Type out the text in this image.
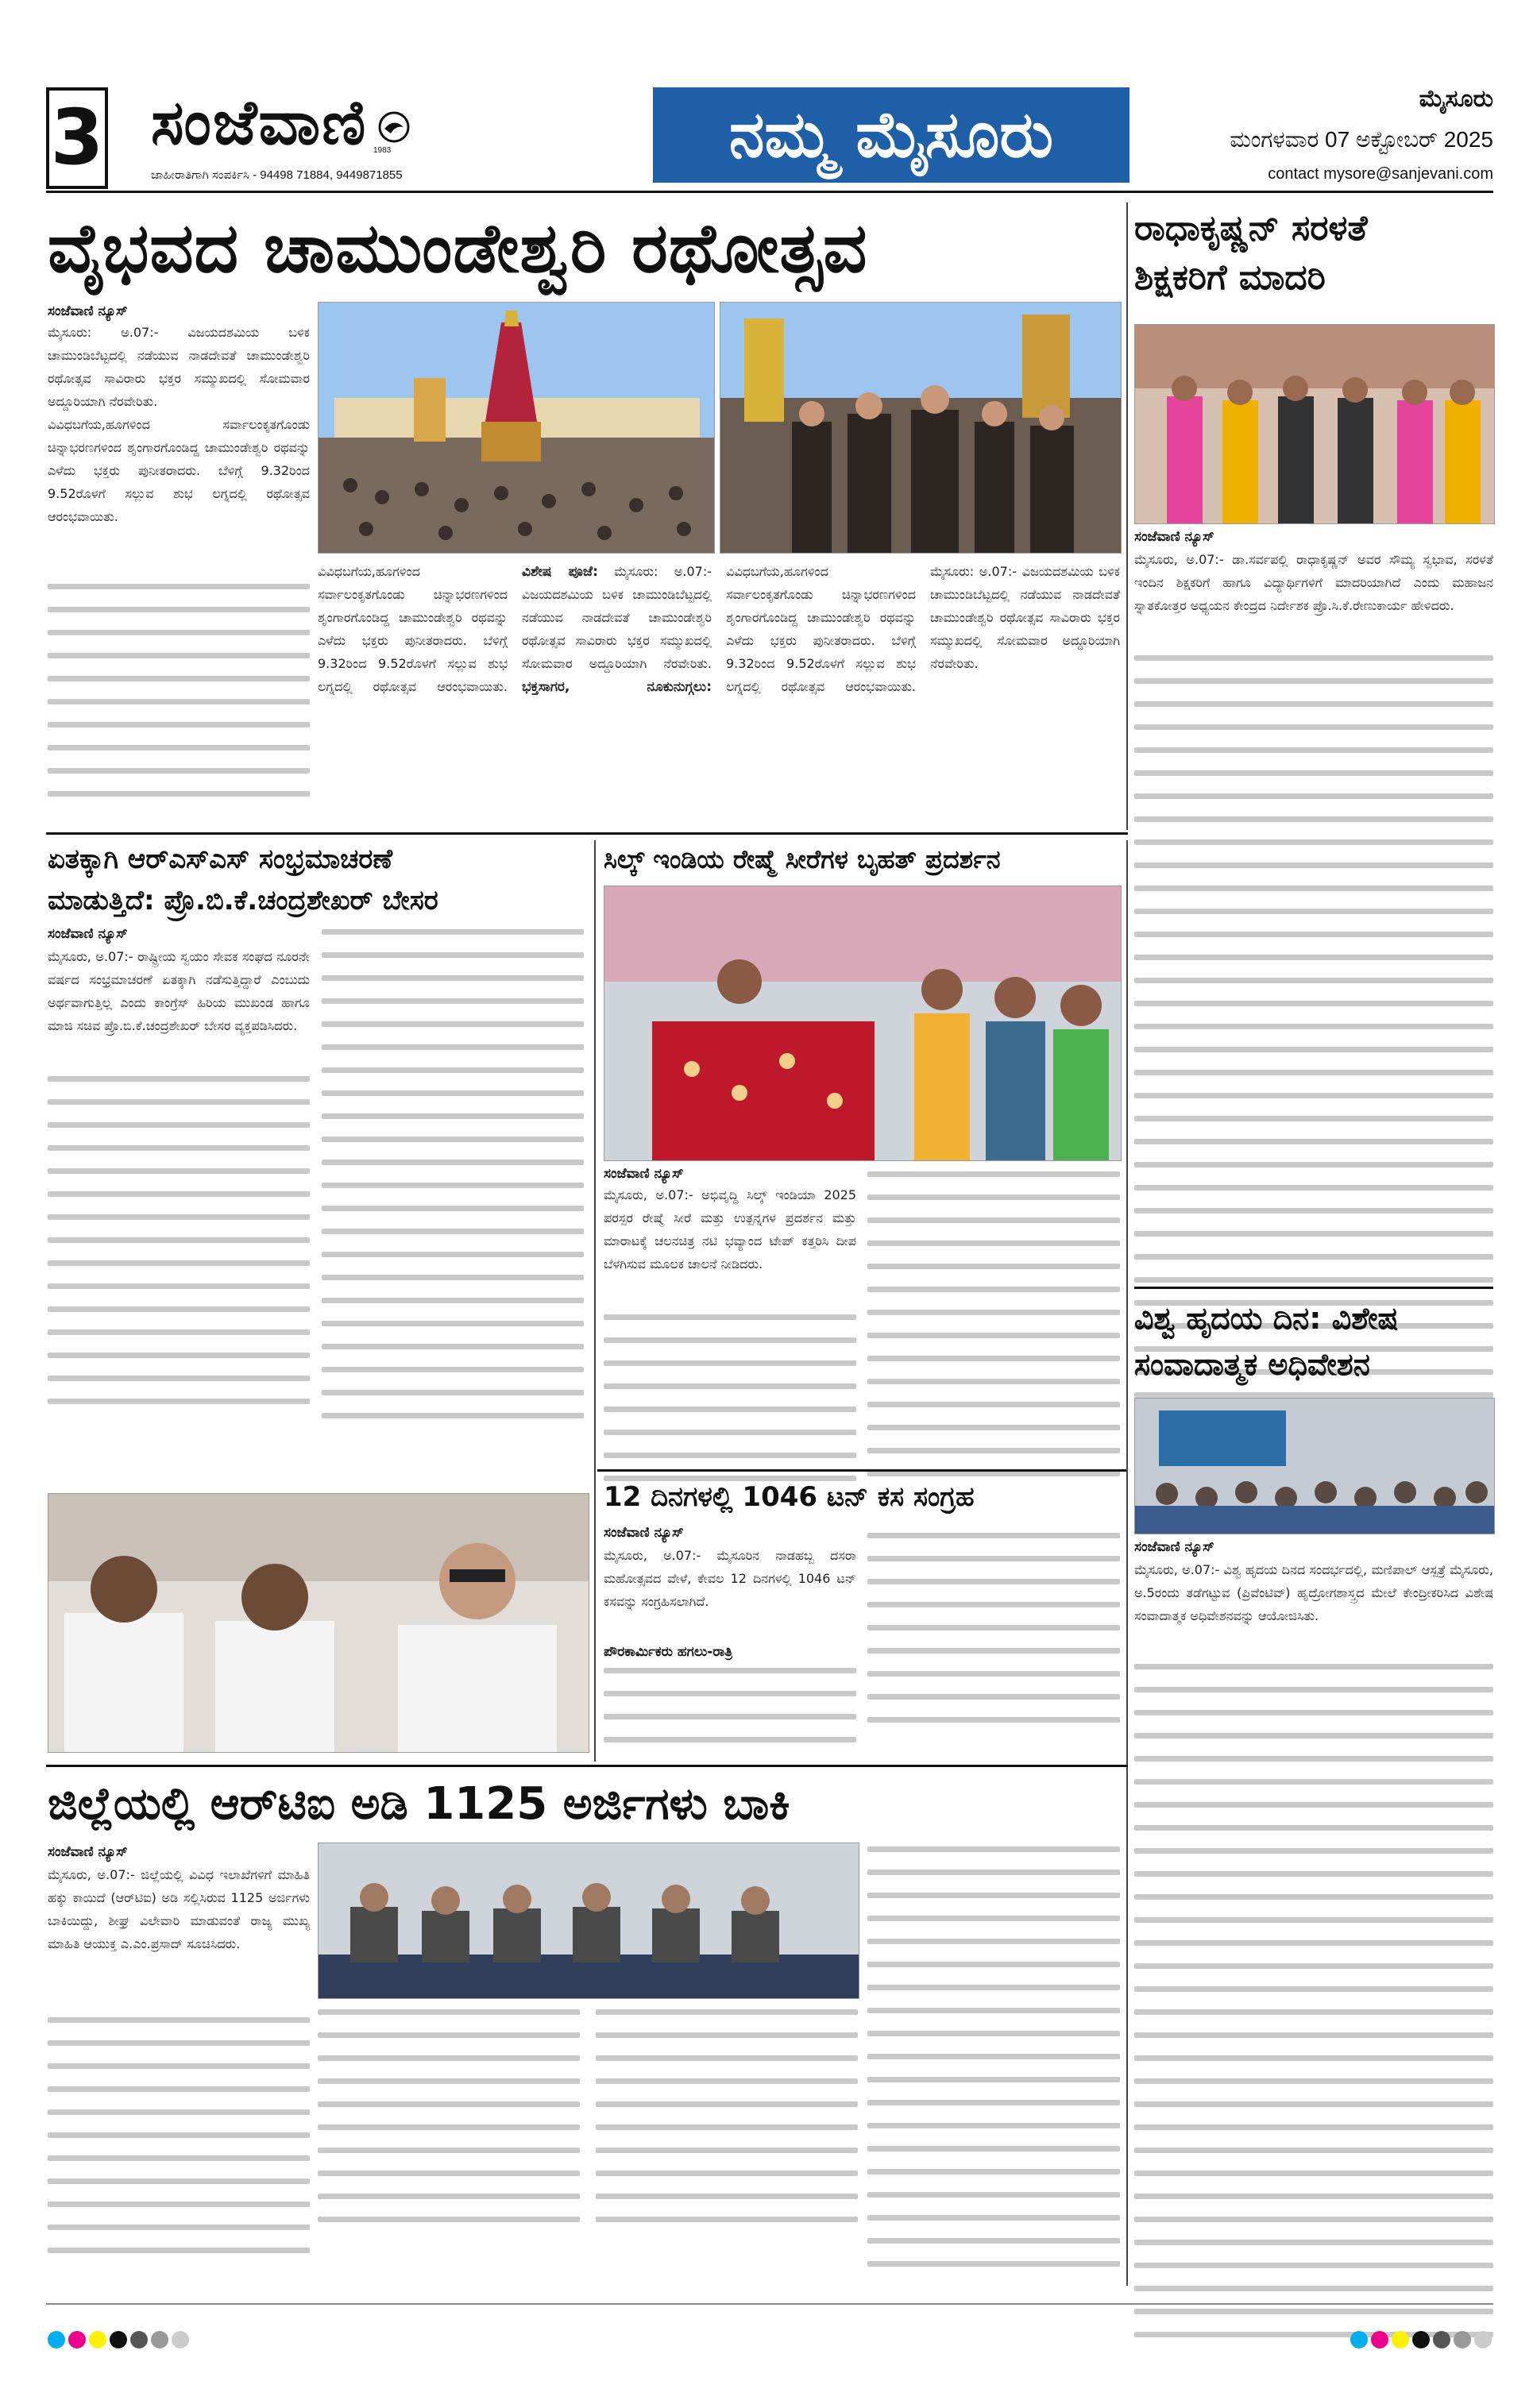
3 ಸಂಜೆವಾಣಿ 1983
ಜಾಹೀರಾತಿಗಾಗಿ ಸಂಪರ್ಕಿಸಿ - 94498 71884, 9449871855
ನಮ್ಮ ಮೈಸೂರು	ಮೈಸೂರು
ಮಂಗಳವಾರ 07 ಅಕ್ಟೋಬರ್ 2025
contact mysore@sanjevani.com
ವೈಭವದ ಚಾಮುಂಡೇಶ್ವರಿ ರಥೋತ್ಸವ
ಸಂಜೆವಾಣಿ ನ್ಯೂಸ್
ಮೈಸೂರು: ಅ.07:- ವಿಜಯದಶಮಿಯ ಬಳಿಕ ಚಾಮುಂಡಿಬೆಟ್ಟದಲ್ಲಿ ನಡೆಯುವ ನಾಡದೇವತೆ ಚಾಮುಂಡೇಶ್ವರಿ ರಥೋತ್ಸವ ಸಾವಿರಾರು ಭಕ್ತರ ಸಮ್ಮುಖದಲ್ಲಿ ಸೋಮವಾರ ಅದ್ದೂರಿಯಾಗಿ ನೆರವೇರಿತು.
ವಿವಿಧಬಗೆಯ,ಹೂಗಳಿಂದ ಸರ್ವಾಲಂಕೃತಗೊಂಡು ಚಿನ್ನಾಭರಣಗಳಿಂದ ಶೃಂಗಾರಗೊಂಡಿದ್ದ ಚಾಮುಂಡೇಶ್ವರಿ ರಥವನ್ನು ಎಳೆದು ಭಕ್ತರು ಪುನೀತರಾದರು. ಬೆಳಿಗ್ಗೆ 9.32ರಿಂದ 9.52ರೊಳಗೆ ಸಲ್ಲುವ ಶುಭ ಲಗ್ನದಲ್ಲಿ ರಥೋತ್ಸವ ಆರಂಭವಾಯಿತು.
ವಿವಿಧಬಗೆಯ,ಹೂಗಳಿಂದ ಸರ್ವಾಲಂಕೃತಗೊಂಡು ಚಿನ್ನಾಭರಣಗಳಿಂದ ಶೃಂಗಾರಗೊಂಡಿದ್ದ ಚಾಮುಂಡೇಶ್ವರಿ ರಥವನ್ನು ಎಳೆದು ಭಕ್ತರು ಪುನೀತರಾದರು. ಬೆಳಿಗ್ಗೆ 9.32ರಿಂದ 9.52ರೊಳಗೆ ಸಲ್ಲುವ ಶುಭ ಲಗ್ನದಲ್ಲಿ ರಥೋತ್ಸವ ಆರಂಭವಾಯಿತು. ವಿಶೇಷ ಪೂಜೆ: ಮೈಸೂರು: ಅ.07:- ವಿಜಯದಶಮಿಯ ಬಳಿಕ ಚಾಮುಂಡಿಬೆಟ್ಟದಲ್ಲಿ ನಡೆಯುವ ನಾಡದೇವತೆ ಚಾಮುಂಡೇಶ್ವರಿ ರಥೋತ್ಸವ ಸಾವಿರಾರು ಭಕ್ತರ ಸಮ್ಮುಖದಲ್ಲಿ ಸೋಮವಾರ ಅದ್ದೂರಿಯಾಗಿ ನೆರವೇರಿತು. ಭಕ್ತಸಾಗರ, ನೂಕುನುಗ್ಗಲು: ವಿವಿಧಬಗೆಯ,ಹೂಗಳಿಂದ ಸರ್ವಾಲಂಕೃತಗೊಂಡು ಚಿನ್ನಾಭರಣಗಳಿಂದ ಶೃಂಗಾರಗೊಂಡಿದ್ದ ಚಾಮುಂಡೇಶ್ವರಿ ರಥವನ್ನು ಎಳೆದು ಭಕ್ತರು ಪುನೀತರಾದರು. ಬೆಳಿಗ್ಗೆ 9.32ರಿಂದ 9.52ರೊಳಗೆ ಸಲ್ಲುವ ಶುಭ ಲಗ್ನದಲ್ಲಿ ರಥೋತ್ಸವ ಆರಂಭವಾಯಿತು. ಮೈಸೂರು: ಅ.07:- ವಿಜಯದಶಮಿಯ ಬಳಿಕ ಚಾಮುಂಡಿಬೆಟ್ಟದಲ್ಲಿ ನಡೆಯುವ ನಾಡದೇವತೆ ಚಾಮುಂಡೇಶ್ವರಿ ರಥೋತ್ಸವ ಸಾವಿರಾರು ಭಕ್ತರ ಸಮ್ಮುಖದಲ್ಲಿ ಸೋಮವಾರ ಅದ್ದೂರಿಯಾಗಿ ನೆರವೇರಿತು.
ರಾಧಾಕೃಷ್ಣನ್ ಸರಳತೆ
ಶಿಕ್ಷಕರಿಗೆ ಮಾದರಿ
ಸಂಜೆವಾಣಿ ನ್ಯೂಸ್
ಮೈಸೂರು, ಅ.07:- ಡಾ.ಸರ್ವಪಲ್ಲಿ ರಾಧಾಕೃಷ್ಣನ್ ಅವರ ಸೌಮ್ಯ ಸ್ವಭಾವ, ಸರಳತೆ ಇಂದಿನ ಶಿಕ್ಷಕರಿಗೆ ಹಾಗೂ ವಿದ್ಯಾರ್ಥಿಗಳಿಗೆ ಮಾದರಿಯಾಗಿದೆ ಎಂದು ಮಹಾಜನ ಸ್ನಾತಕೋತ್ತರ ಅಧ್ಯಯನ ಕೇಂದ್ರದ ನಿರ್ದೇಶಕ ಪ್ರೊ.ಸಿ.ಕೆ.ರೇಣುಕಾರ್ಯ ಹೇಳಿದರು.
ಏತಕ್ಕಾಗಿ ಆರ್‌ಎಸ್‌ಎಸ್ ಸಂಭ್ರಮಾಚರಣೆ
ಮಾಡುತ್ತಿದೆ: ಪ್ರೊ.ಬಿ.ಕೆ.ಚಂದ್ರಶೇಖರ್ ಬೇಸರ
ಸಂಜೆವಾಣಿ ನ್ಯೂಸ್
ಮೈಸೂರು, ಅ.07:- ರಾಷ್ಟ್ರೀಯ ಸ್ವಯಂ ಸೇವಕ ಸಂಘದ ನೂರನೇ ವರ್ಷದ ಸಂಭ್ರಮಾಚರಣೆ ಏತಕ್ಕಾಗಿ ನಡೆಸುತ್ತಿದ್ದಾರೆ ಎಂಬುದು ಅರ್ಥವಾಗುತ್ತಿಲ್ಲ ಎಂದು ಕಾಂಗ್ರೆಸ್ ಹಿರಿಯ ಮುಖಂಡ ಹಾಗೂ ಮಾಜಿ ಸಚಿವ ಪ್ರೊ.ಬಿ.ಕೆ.ಚಂದ್ರಶೇಖರ್ ಬೇಸರ ವ್ಯಕ್ತಪಡಿಸಿದರು.
ಸಿಲ್ಕ್ ಇಂಡಿಯ ರೇಷ್ಮೆ ಸೀರೆಗಳ ಬೃಹತ್ ಪ್ರದರ್ಶನ
ಸಂಜೆವಾಣಿ ನ್ಯೂಸ್
ಮೈಸೂರು, ಅ.07:- ಅಭಿವೃದ್ಧಿ ಸಿಲ್ಕ್ ಇಂಡಿಯಾ 2025 ಪರಸ್ಪರ ರೇಷ್ಮೆ ಸೀರೆ ಮತ್ತು ಉತ್ಪನ್ನಗಳ ಪ್ರದರ್ಶನ ಮತ್ತು ಮಾರಾಟಕ್ಕೆ ಚಲನಚಿತ್ರ ನಟಿ ಭವ್ಯಾಂದ ಟೇಪ್ ಕತ್ತರಿಸಿ ದೀಪ ಬೆಳಗಿಸುವ ಮೂಲಕ ಚಾಲನೆ ನೀಡಿದರು.
12 ದಿನಗಳಲ್ಲಿ 1046 ಟನ್ ಕಸ ಸಂಗ್ರಹ
ಸಂಜೆವಾಣಿ ನ್ಯೂಸ್
ಮೈಸೂರು, ಅ.07:- ಮೈಸೂರಿನ ನಾಡಹಬ್ಬ ದಸರಾ ಮಹೋತ್ಸವದ ವೇಳೆ, ಕೇವಲ 12 ದಿನಗಳಲ್ಲಿ 1046 ಟನ್ ಕಸವನ್ನು ಸಂಗ್ರಹಿಸಲಾಗಿದೆ.
ಪೌರಕಾರ್ಮಿಕರು ಹಗಲು-ರಾತ್ರಿ
ವಿಶ್ವ ಹೃದಯ ದಿನ: ವಿಶೇಷ
ಸಂವಾದಾತ್ಮಕ ಅಧಿವೇಶನ
ಸಂಜೆವಾಣಿ ನ್ಯೂಸ್
ಮೈಸೂರು, ಅ.07:- ವಿಶ್ವ ಹೃದಯ ದಿನದ ಸಂದರ್ಭದಲ್ಲಿ, ಮಣಿಪಾಲ್ ಆಸ್ಪತ್ರೆ ಮೈಸೂರು, ಅ.5ರಂದು ತಡೆಗಟ್ಟುವ (ಪ್ರಿವೆಂಟಿವ್) ಹೃದ್ರೋಗಶಾಸ್ತ್ರದ ಮೇಲೆ ಕೇಂದ್ರೀಕರಿಸಿದ ವಿಶೇಷ ಸಂವಾದಾತ್ಮಕ ಅಧಿವೇಶನವನ್ನು ಆಯೋಜಿಸಿತು.
ಜಿಲ್ಲೆಯಲ್ಲಿ ಆರ್‌ಟಿಐ ಅಡಿ 1125 ಅರ್ಜಿಗಳು ಬಾಕಿ
ಸಂಜೆವಾಣಿ ನ್ಯೂಸ್
ಮೈಸೂರು, ಅ.07:- ಜಿಲ್ಲೆಯಲ್ಲಿ ವಿವಿಧ ಇಲಾಖೆಗಳಿಗೆ ಮಾಹಿತಿ ಹಕ್ಕು ಕಾಯಿದೆ (ಆರ್‌ಟಿಐ) ಅಡಿ ಸಲ್ಲಿಸಿರುವ 1125 ಅರ್ಜಿಗಳು ಬಾಕಿಯಿದ್ದು, ಶೀಘ್ರ ವಿಲೇವಾರಿ ಮಾಡುವಂತೆ ರಾಜ್ಯ ಮುಖ್ಯ ಮಾಹಿತಿ ಆಯುಕ್ತ ಎ.ಎಂ.ಪ್ರಸಾದ್ ಸೂಚಿಸಿದರು.
